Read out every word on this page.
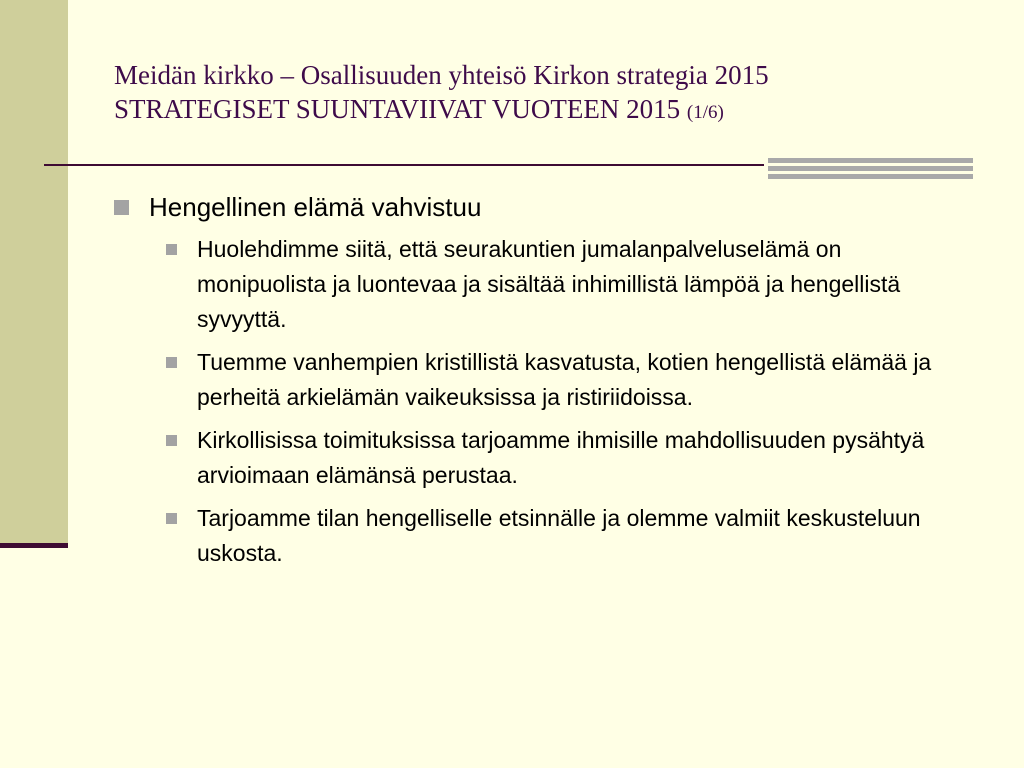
Meidän kirkko – Osallisuuden yhteisö Kirkon strategia 2015
STRATEGISET SUUNTAVIIVAT VUOTEEN 2015 (1/6)
Hengellinen elämä vahvistuu
Huolehdimme siitä, että seurakuntien jumalanpalveluselämä on monipuolista ja luontevaa ja sisältää inhimillistä lämpöä ja hengellistä syvyyttä.
Tuemme vanhempien kristillistä kasvatusta, kotien hengellistä elämää ja perheitä arkielämän vaikeuksissa ja ristiriidoissa.
Kirkollisissa toimituksissa tarjoamme ihmisille mahdollisuuden pysähtyä arvioimaan elämänsä perustaa.
Tarjoamme tilan hengelliselle etsinnälle ja olemme valmiit keskusteluun uskosta.
